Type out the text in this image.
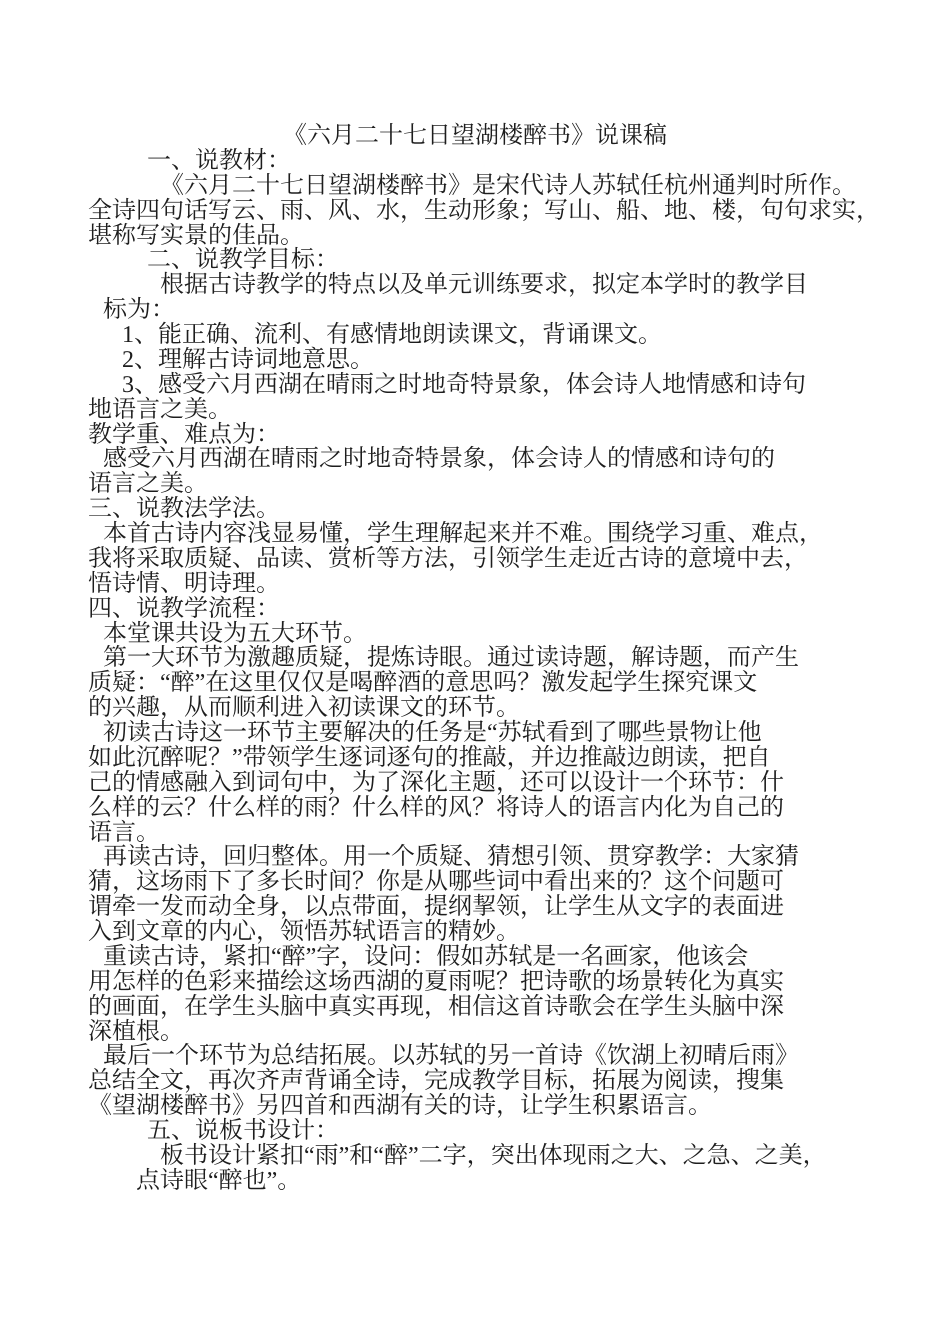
《六月二十七日望湖楼醉书》说课稿
一、说教材：
《六月二十七日望湖楼醉书》是宋代诗人苏轼任杭州通判时所作。
全诗四句话写云、雨、风、水，生动形象；写山、船、地、楼，句句求实，
堪称写实景的佳品。
二、说教学目标：
根据古诗教学的特点以及单元训练要求，拟定本学时的教学目
标为：
1、能正确、流利、有感情地朗读课文，背诵课文。
2、理解古诗词地意思。
3、感受六月西湖在晴雨之时地奇特景象，体会诗人地情感和诗句
地语言之美。
教学重、难点为：
感受六月西湖在晴雨之时地奇特景象，体会诗人的情感和诗句的
语言之美。
三、说教法学法。
本首古诗内容浅显易懂，学生理解起来并不难。围绕学习重、难点，
我将采取质疑、品读、赏析等方法，引领学生走近古诗的意境中去，
悟诗情、明诗理。
四、说教学流程：
本堂课共设为五大环节。
第一大环节为激趣质疑，提炼诗眼。通过读诗题，解诗题，而产生
质疑：“醉”在这里仅仅是喝醉酒的意思吗？激发起学生探究课文
的兴趣，从而顺利进入初读课文的环节。
初读古诗这一环节主要解决的任务是“苏轼看到了哪些景物让他
如此沉醉呢？”带领学生逐词逐句的推敲，并边推敲边朗读，把自
己的情感融入到词句中，为了深化主题，还可以设计一个环节：什
么样的云？什么样的雨？什么样的风？将诗人的语言内化为自己的
语言。
再读古诗，回归整体。用一个质疑、猜想引领、贯穿教学：大家猜
猜，这场雨下了多长时间？你是从哪些词中看出来的？这个问题可
谓牵一发而动全身，以点带面，提纲挈领，让学生从文字的表面进
入到文章的内心，领悟苏轼语言的精妙。
重读古诗，紧扣“醉”字，设问：假如苏轼是一名画家，他该会
用怎样的色彩来描绘这场西湖的夏雨呢？把诗歌的场景转化为真实
的画面，在学生头脑中真实再现，相信这首诗歌会在学生头脑中深
深植根。
最后一个环节为总结拓展。以苏轼的另一首诗《饮湖上初晴后雨》
总结全文，再次齐声背诵全诗，完成教学目标，拓展为阅读，搜集
《望湖楼醉书》另四首和西湖有关的诗，让学生积累语言。
五、说板书设计：
板书设计紧扣“雨”和“醉”二字，突出体现雨之大、之急、之美，
点诗眼“醉也”。
